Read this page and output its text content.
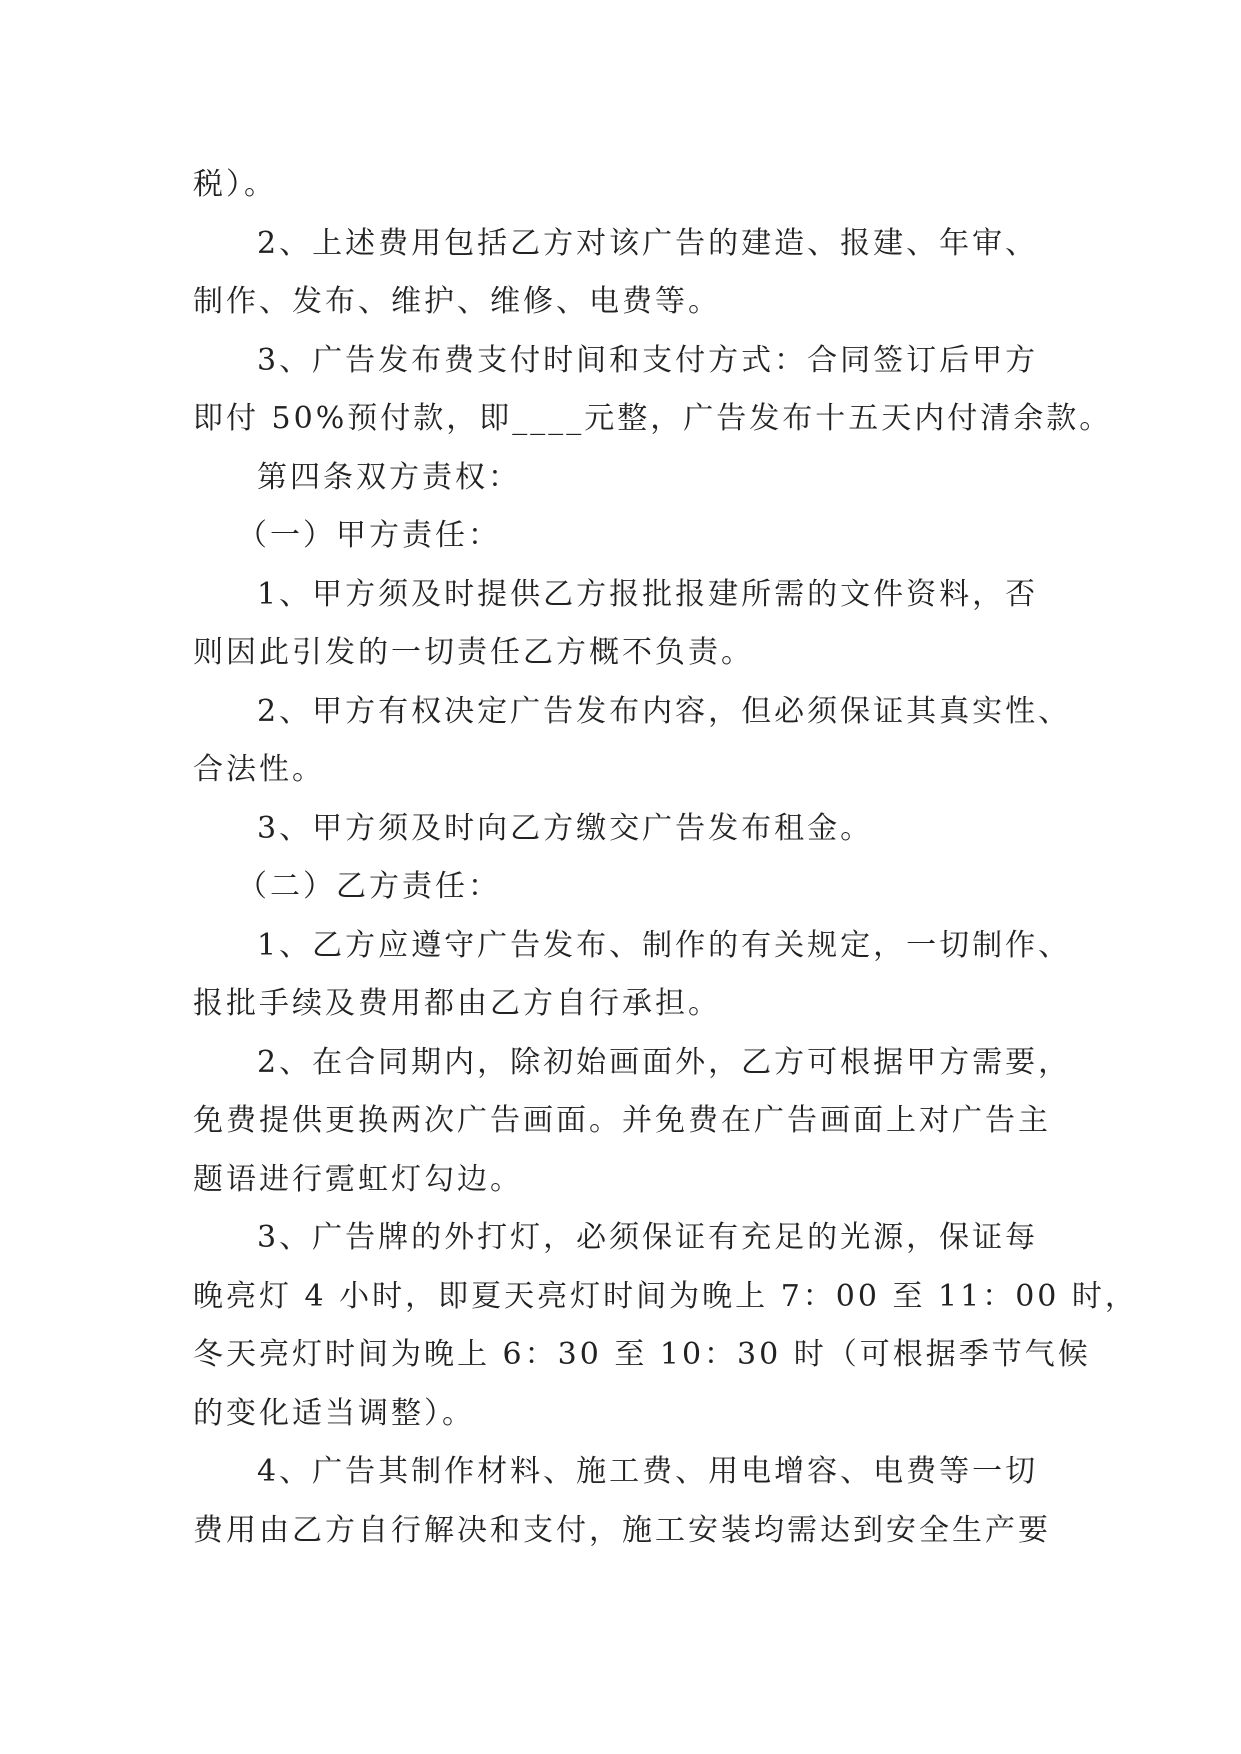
税）。
2、上述费用包括乙方对该广告的建造、报建、年审、
制作、发布、维护、维修、电费等。
3、广告发布费支付时间和支付方式：合同签订后甲方
即付 50%预付款，即____元整，广告发布十五天内付清余款。
第四条双方责权：
（一）甲方责任：
1、甲方须及时提供乙方报批报建所需的文件资料，否
则因此引发的一切责任乙方概不负责。
2、甲方有权决定广告发布内容，但必须保证其真实性、
合法性。
3、甲方须及时向乙方缴交广告发布租金。
（二）乙方责任：
1、乙方应遵守广告发布、制作的有关规定，一切制作、
报批手续及费用都由乙方自行承担。
2、在合同期内，除初始画面外，乙方可根据甲方需要，
免费提供更换两次广告画面。并免费在广告画面上对广告主
题语进行霓虹灯勾边。
3、广告牌的外打灯，必须保证有充足的光源，保证每
晚亮灯 4 小时，即夏天亮灯时间为晚上 7：00 至 11：00 时，
冬天亮灯时间为晚上 6：30 至 10：30 时（可根据季节气候
的变化适当调整）。
4、广告其制作材料、施工费、用电增容、电费等一切
费用由乙方自行解决和支付，施工安装均需达到安全生产要
